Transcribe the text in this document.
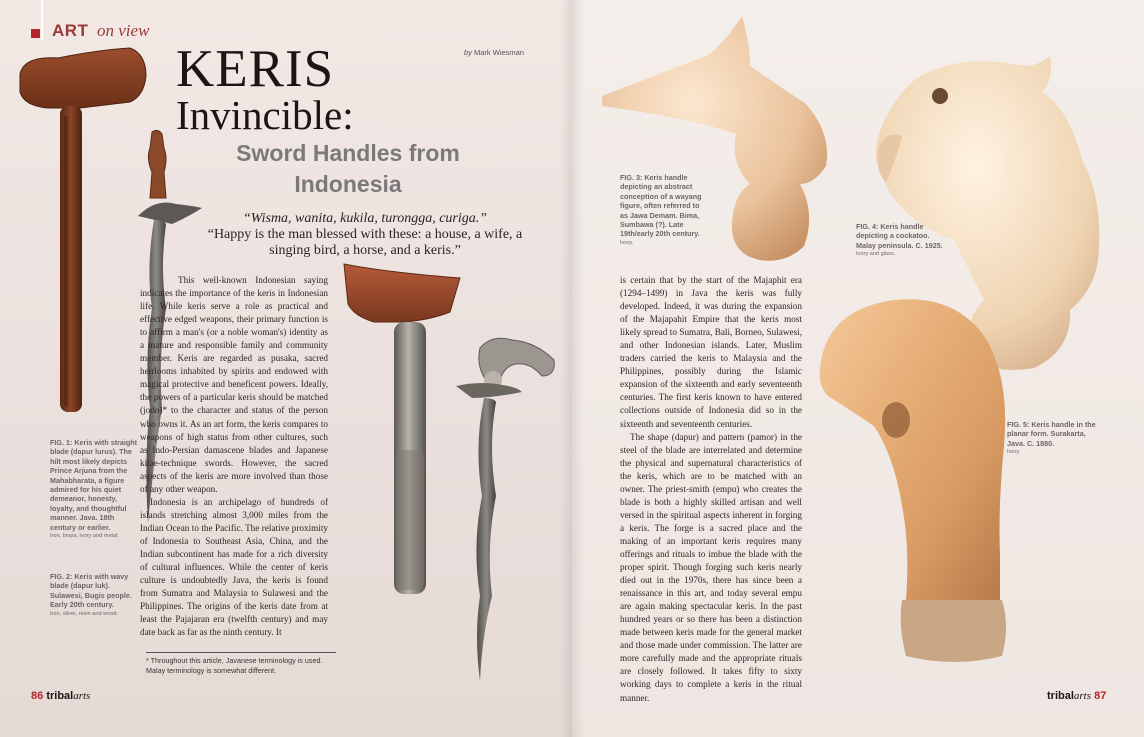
ART on view
by Mark Wiesman
KERIS
Invincible:
Sword Handles from
Indonesia
“Wisma, wanita, kukila, turongga, curiga.”
“Happy is the man blessed with these: a house, a wife, a
singing bird, a horse, and a keris.”

This well-known Indonesian saying indicates the importance of the keris in Indonesian life. While keris serve a role as practical and effective edged weapons, their primary function is to affirm a man's (or a noble woman's) identity as a mature and responsible family and community member. Keris are regarded as pusaka, sacred heirlooms inhabited by spirits and endowed with magical protective and beneficent powers. Ideally, the powers of a particular keris should be matched (jodo)* to the character and status of the person who owns it. As an art form, the keris compares to weapons of high status from other cultures, such as Indo-Persian damascene blades and Japanese kitae-technique swords. However, the sacred aspects of the keris are more involved than those of any other weapon.

Indonesia is an archipelago of hundreds of islands stretching almost 3,000 miles from the Indian Ocean to the Pacific. The relative proximity of Indonesia to Southeast Asia, China, and the Indian subcontinent has made for a rich diversity of cultural influences. While the center of keris culture is undoubtedly Java, the keris is found from Sumatra and Malaysia to Sulawesi and the Philippines. The origins of the keris date from at least the Pajajaran era (twelfth century) and may date back as far as the ninth century. It

* Throughout this article, Javanese terminology is used. Malay terminology is somewhat different.
FIG. 1: Keris with straight blade (dapur lurus). The hilt most likely depicts Prince Arjuna from the Mahabharata, a figure admired for his quiet demeanor, honesty, loyalty, and thoughtful manner. Java. 18th century or earlier.
Iron, brass, ivory and metal.
FIG. 2: Keris with wavy blade (dapur luk). Sulawesi, Bugis people. Early 20th century.
Iron, silver, resin and wood.
86 tribalarts
FIG. 3: Keris handle depicting an abstract conception of a wayang figure, often referred to as Jawa Demam. Bima, Sumbawa (?). Late 19th/early 20th century.
Ivory.
FIG. 4: Keris handle depicting a cockatoo. Malay peninsula. C. 1925.
Ivory and glass.
FIG. 5: Keris handle in the planar form. Surakarta, Java. C. 1880.
Ivory.

is certain that by the start of the Majaphit era (1294–1499) in Java the keris was fully developed. Indeed, it was during the expansion of the Majapahit Empire that the keris most likely spread to Sumatra, Bali, Borneo, Sulawesi, and other Indonesian islands. Later, Muslim traders carried the keris to Malaysia and the Philippines, possibly during the Islamic expansion of the sixteenth and early seventeenth centuries. The first keris known to have entered collections outside of Indonesia did so in the sixteenth and seventeenth centuries.

The shape (dapur) and pattern (pamor) in the steel of the blade are interrelated and determine the physical and supernatural characteristics of the keris, which are to be matched with an owner. The priest-smith (empu) who creates the blade is both a highly skilled artisan and well versed in the spiritual aspects inherent in forging a keris. The forge is a sacred place and the making of an important keris requires many offerings and rituals to imbue the blade with the proper spirit. Though forging such keris nearly died out in the 1970s, there has since been a renaissance in this art, and today several empu are again making spectacular keris. In the past hundred years or so there has been a distinction made between keris made for the general market and those made under commission. The latter are more carefully made and the appropriate rituals are closely followed. It takes fifty to sixty working days to complete a keris in the ritual manner.	tribalarts 87
